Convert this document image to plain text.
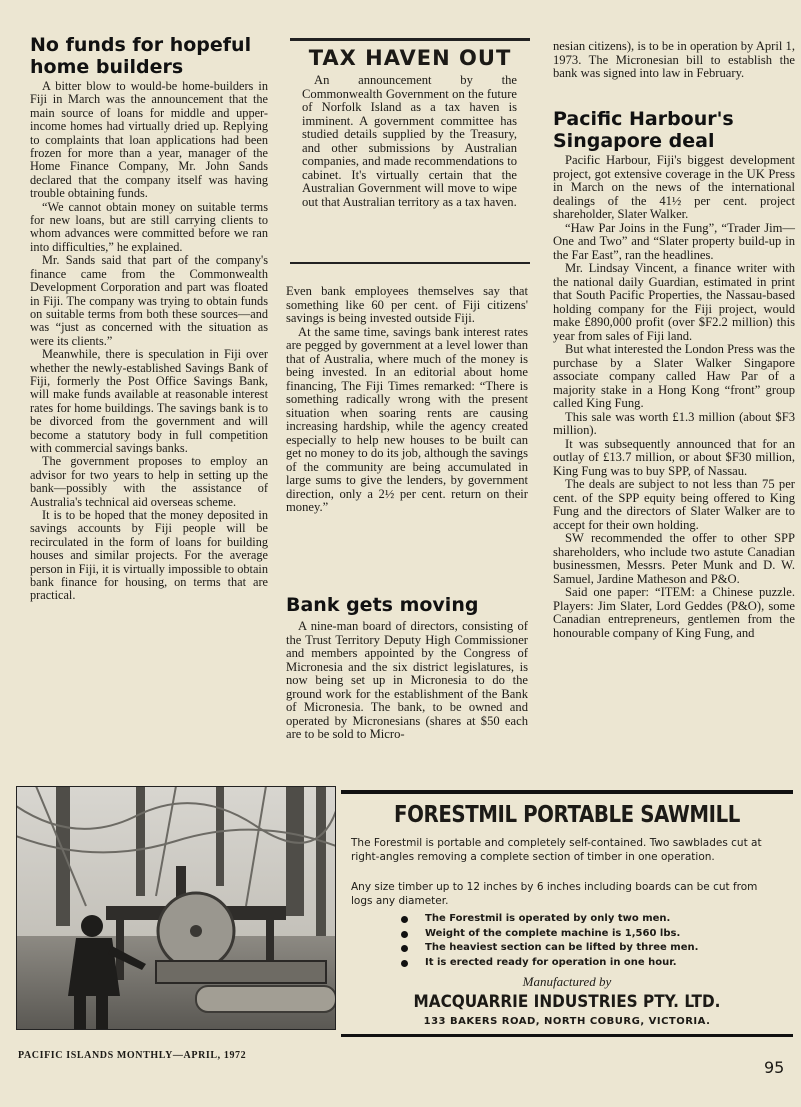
No funds for hopeful
home builders

A bitter blow to would-be home-builders in Fiji in March was the announcement that the main source of loans for middle and upper-income homes had virtually dried up. Replying to complaints that loan applications had been frozen for more than a year, manager of the Home Finance Company, Mr. John Sands declared that the company itself was having trouble obtaining funds.

“We cannot obtain money on suitable terms for new loans, but are still carrying clients to whom advances were committed before we ran into difficulties,” he explained.

Mr. Sands said that part of the company's finance came from the Commonwealth Development Corporation and part was floated in Fiji. The company was trying to obtain funds on suitable terms from both these sources—and was “just as concerned with the situation as were its clients.”

Meanwhile, there is speculation in Fiji over whether the newly-established Savings Bank of Fiji, formerly the Post Office Savings Bank, will make funds available at reasonable interest rates for home buildings. The savings bank is to be divorced from the government and will become a statutory body in full competition with commercial savings banks.

The government proposes to employ an advisor for two years to help in setting up the bank—possibly with the assistance of Australia's technical aid overseas scheme.

It is to be hoped that the money deposited in savings accounts by Fiji people will be recirculated in the form of loans for building houses and similar projects. For the average person in Fiji, it is virtually impossible to obtain bank finance for housing, on terms that are practical.

TAX HAVEN OUT

An announcement by the Commonwealth Government on the future of Norfolk Island as a tax haven is imminent. A government committee has studied details supplied by the Treasury, and other submissions by Australian companies, and made recommendations to cabinet. It's virtually certain that the Australian Government will move to wipe out that Australian territory as a tax haven.

Even bank employees themselves say that something like 60 per cent. of Fiji citizens' savings is being invested outside Fiji.

At the same time, savings bank interest rates are pegged by government at a level lower than that of Australia, where much of the money is being invested. In an editorial about home financing, The Fiji Times remarked: “There is something radically wrong with the present situation when soaring rents are causing increasing hardship, while the agency created especially to help new houses to be built can get no money to do its job, although the savings of the community are being accumulated in large sums to give the lenders, by government direction, only a 2½ per cent. return on their money.”

Bank gets moving

A nine-man board of directors, consisting of the Trust Territory Deputy High Commissioner and members appointed by the Congress of Micronesia and the six district legislatures, is now being set up in Micronesia to do the ground work for the establishment of the Bank of Micronesia. The bank, to be owned and operated by Micronesians (shares at $50 each are to be sold to Micro-

nesian citizens), is to be in operation by April 1, 1973. The Micronesian bill to establish the bank was signed into law in February.

Pacific Harbour's
Singapore deal

Pacific Harbour, Fiji's biggest development project, got extensive coverage in the UK Press in March on the news of the international dealings of the 41½ per cent. project shareholder, Slater Walker.

“Haw Par Joins in the Fung”, “Trader Jim—One and Two” and “Slater property build-up in the Far East”, ran the headlines.

Mr. Lindsay Vincent, a finance writer with the national daily Guardian, estimated in print that South Pacific Properties, the Nassau-based holding company for the Fiji project, would make £890,000 profit (over $F2.2 million) this year from sales of Fiji land.

But what interested the London Press was the purchase by a Slater Walker Singapore associate company called Haw Par of a majority stake in a Hong Kong “front” group called King Fung.

This sale was worth £1.3 million (about $F3 million).

It was subsequently announced that for an outlay of £13.7 million, or about $F30 million, King Fung was to buy SPP, of Nassau.

The deals are subject to not less than 75 per cent. of the SPP equity being offered to King Fung and the directors of Slater Walker are to accept for their own holding.

SW recommended the offer to other SPP shareholders, who include two astute Canadian businessmen, Messrs. Peter Munk and D. W. Samuel, Jardine Matheson and P&O.

Said one paper: “ITEM: a Chinese puzzle. Players: Jim Slater, Lord Geddes (P&O), some Canadian entrepreneurs, gentlemen from the honourable company of King Fung, and

FORESTMIL PORTABLE SAWMILL
The Forestmil is portable and completely self-contained. Two sawblades cut at right-angles removing a complete section of timber in one operation.
Any size timber up to 12 inches by 6 inches including boards can be cut from logs any diameter.
The Forestmil is operated by only two men.
Weight of the complete machine is 1,560 lbs.
The heaviest section can be lifted by three men.
It is erected ready for operation in one hour.
Manufactured by
MACQUARRIE INDUSTRIES PTY. LTD.
133 BAKERS ROAD, NORTH COBURG, VICTORIA.
PACIFIC ISLANDS MONTHLY—APRIL, 1972
95
